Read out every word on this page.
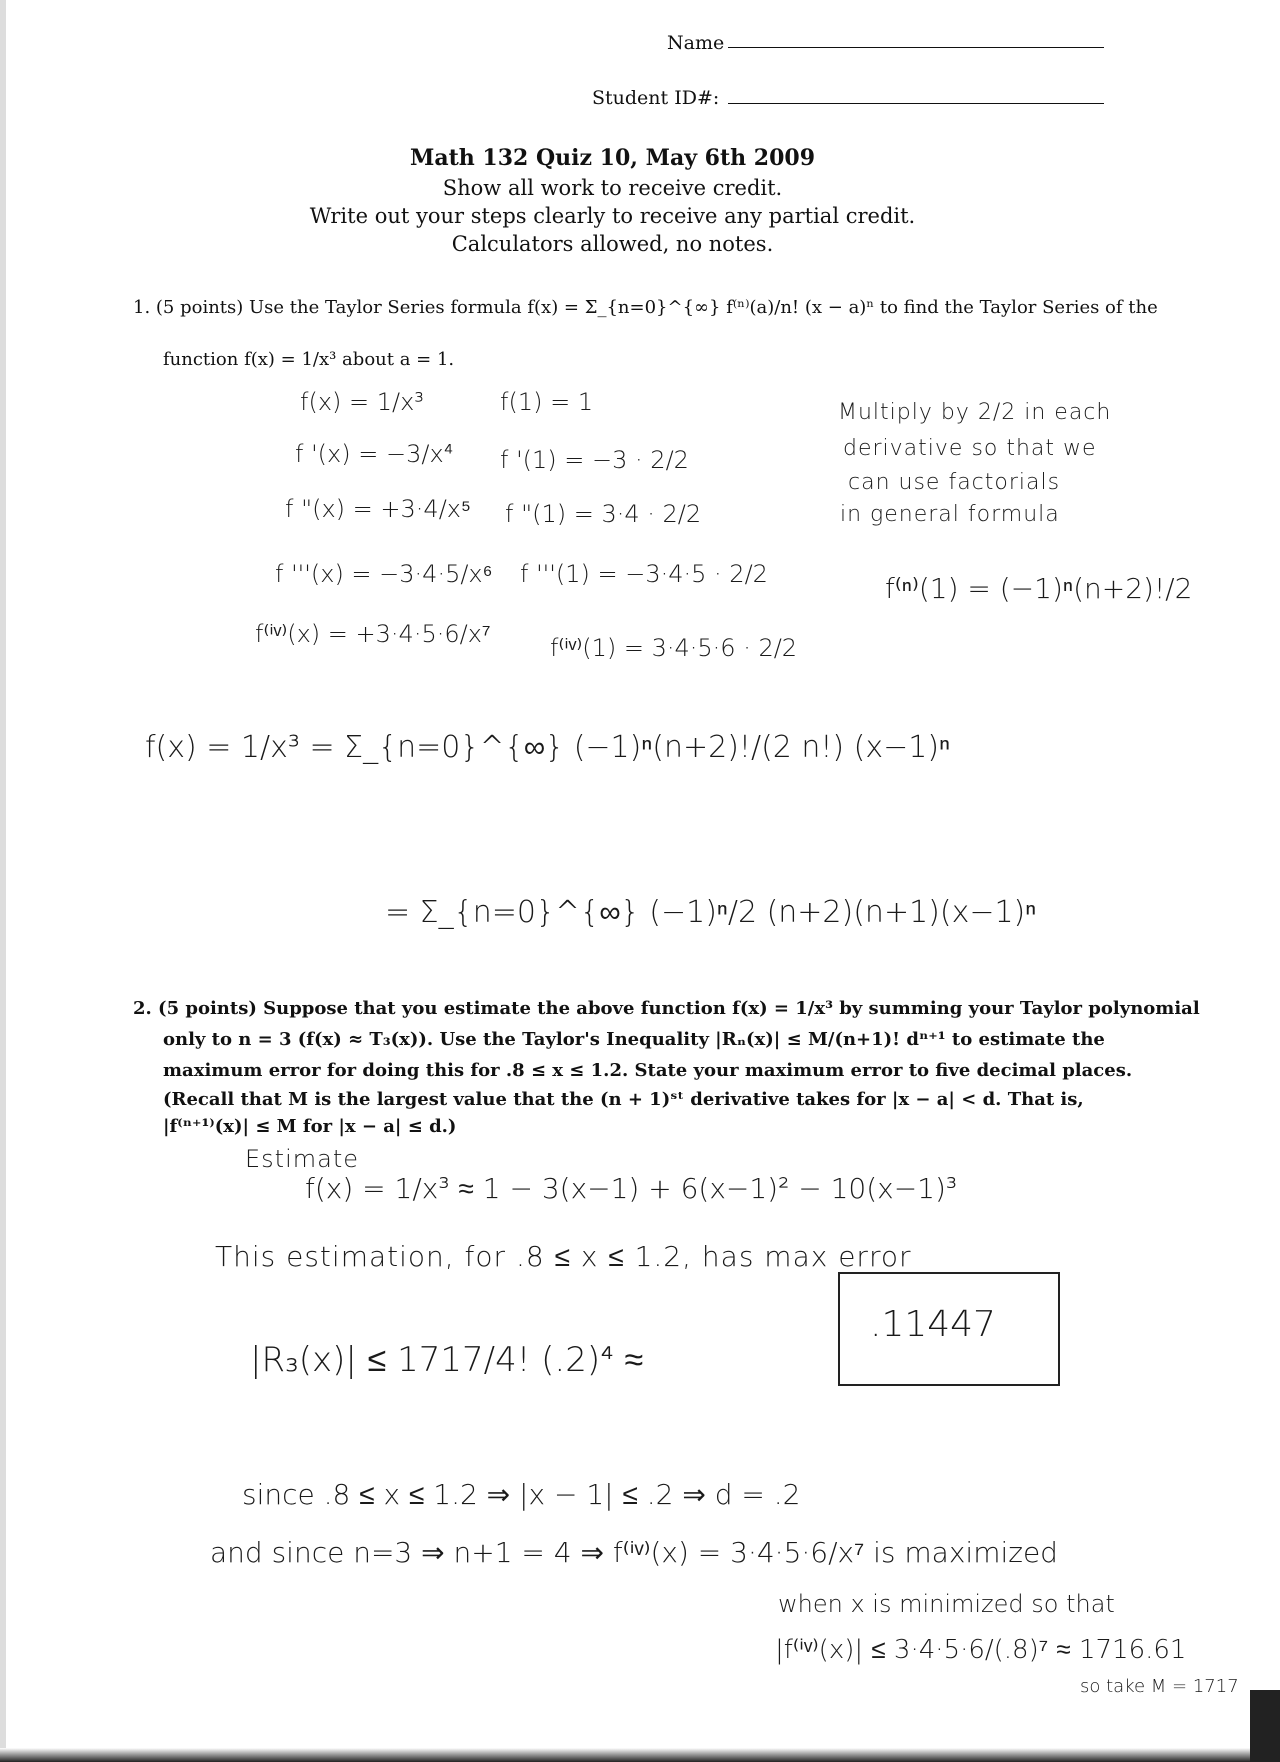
Name
Student ID#:
Math 132 Quiz 10, May 6th 2009
Show all work to receive credit.
Write out your steps clearly to receive any partial credit.
Calculators allowed, no notes.
1. (5 points) Use the Taylor Series formula f(x) = Σ_{n=0}^{∞} f⁽ⁿ⁾(a)/n! (x − a)ⁿ to find the Taylor Series of the
function f(x) = 1/x³ about a = 1.
f(x) = 1/x³	f(1) = 1
f '(x) = −3/x⁴ f '(1) = −3 · 2/2
f "(x) = +3·4/x⁵ f "(1) = 3·4 · 2/2
f '''(x) = −3·4·5/x⁶ f '''(1) = −3·4·5 · 2/2
f⁽ⁱᵛ⁾(x) = +3·4·5·6/x⁷ f⁽ⁱᵛ⁾(1) = 3·4·5·6 · 2/2
Multiply by 2/2 in each
derivative so that we
can use factorials
in general formula
f⁽ⁿ⁾(1) = (−1)ⁿ(n+2)!/2
f(x) = 1/x³ = Σ_{n=0}^{∞} (−1)ⁿ(n+2)!/(2 n!) (x−1)ⁿ
= Σ_{n=0}^{∞} (−1)ⁿ/2 (n+2)(n+1)(x−1)ⁿ
2. (5 points) Suppose that you estimate the above function f(x) = 1/x³ by summing your Taylor polynomial
only to n = 3 (f(x) ≈ T₃(x)). Use the Taylor's Inequality |Rₙ(x)| ≤ M/(n+1)! dⁿ⁺¹ to estimate the
maximum error for doing this for .8 ≤ x ≤ 1.2. State your maximum error to five decimal places.
(Recall that M is the largest value that the (n + 1)ˢᵗ derivative takes for |x − a| < d. That is,
|f⁽ⁿ⁺¹⁾(x)| ≤ M for |x − a| ≤ d.)
Estimate
f(x) = 1/x³ ≈ 1 − 3(x−1) + 6(x−1)² − 10(x−1)³
This estimation, for .8 ≤ x ≤ 1.2, has max error
|R₃(x)| ≤ 1717/4! (.2)⁴ ≈
.11447
since .8 ≤ x ≤ 1.2 ⇒ |x − 1| ≤ .2 ⇒ d = .2
and since n=3 ⇒ n+1 = 4 ⇒ f⁽ⁱᵛ⁾(x) = 3·4·5·6/x⁷ is maximized
when x is minimized so that
|f⁽ⁱᵛ⁾(x)| ≤ 3·4·5·6/(.8)⁷ ≈ 1716.61
so take M = 1717
